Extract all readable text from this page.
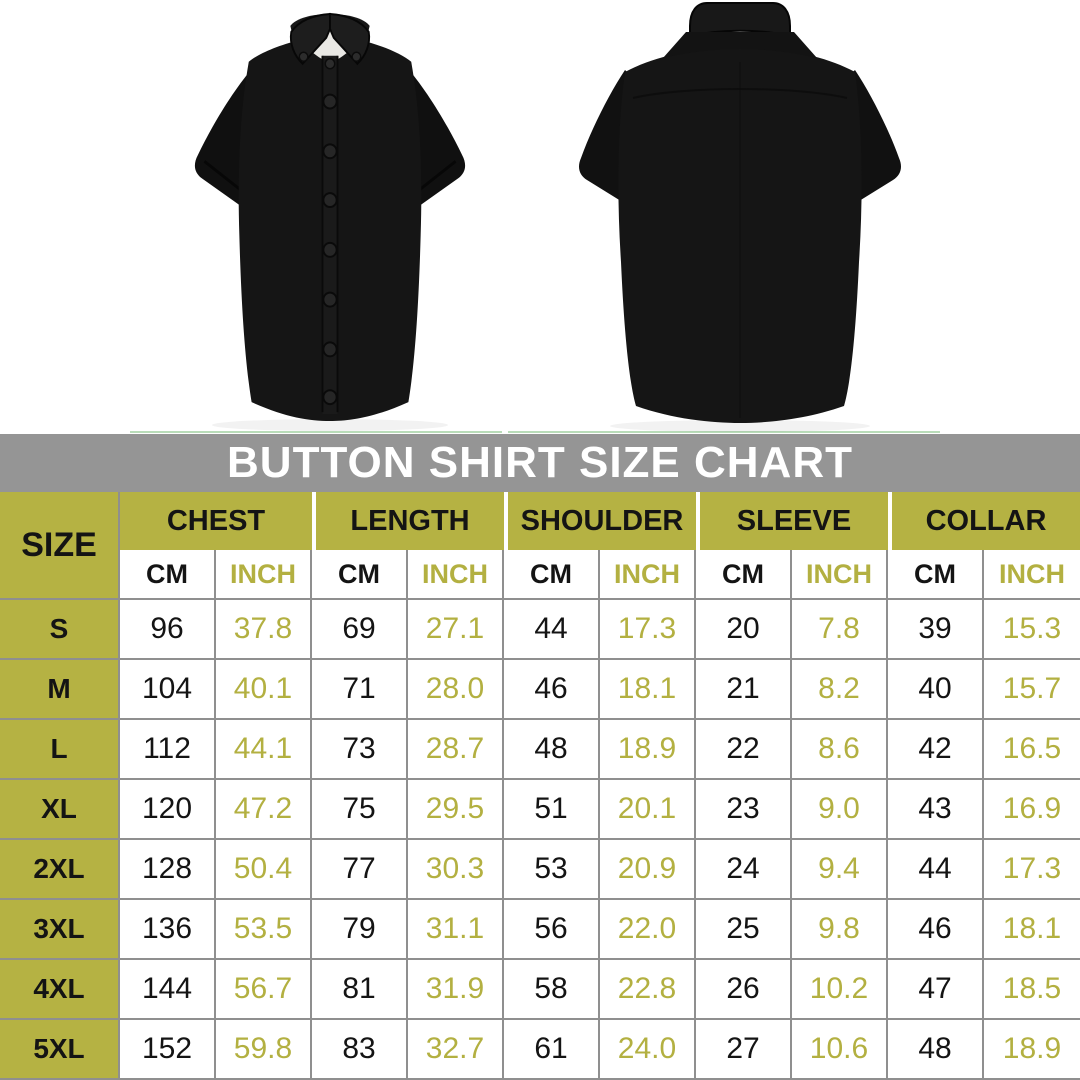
BUTTON SHIRT SIZE CHART
SIZE
CHEST	LENGTH	SHOULDER	SLEEVE	COLLAR
CM	INCH	CM	INCH	CM	INCH	CM	INCH	CM	INCH
S	96	37.8	69	27.1	44	17.3	20	7.8	39	15.3
M	104	40.1	71	28.0	46	18.1	21	8.2	40	15.7
L	112	44.1	73	28.7	48	18.9	22	8.6	42	16.5
XL	120	47.2	75	29.5	51	20.1	23	9.0	43	16.9
2XL	128	50.4	77	30.3	53	20.9	24	9.4	44	17.3
3XL	136	53.5	79	31.1	56	22.0	25	9.8	46	18.1
4XL	144	56.7	81	31.9	58	22.8	26	10.2	47	18.5
5XL	152	59.8	83	32.7	61	24.0	27	10.6	48	18.9
